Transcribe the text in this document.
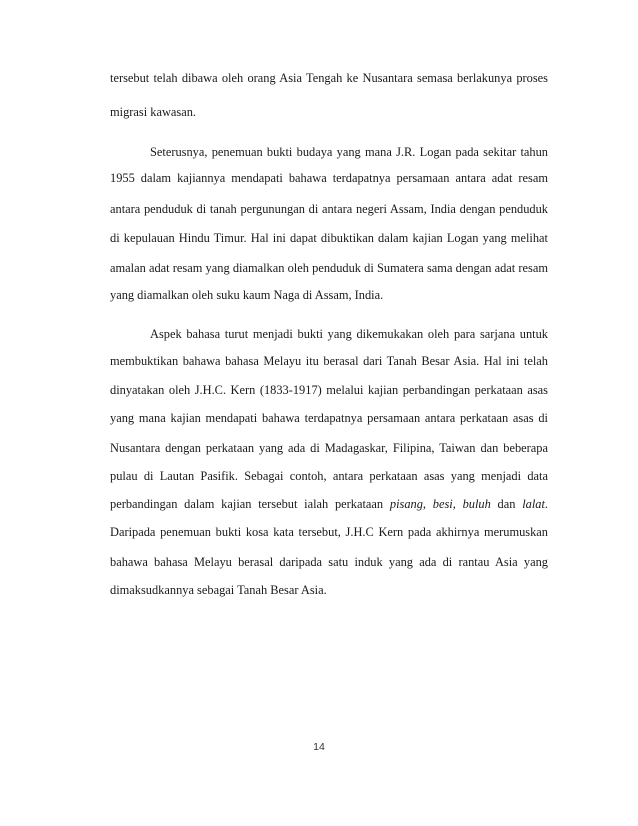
tersebut telah dibawa oleh orang Asia Tengah ke Nusantara semasa berlakunya proses
migrasi kawasan.
Seterusnya, penemuan bukti budaya yang mana J.R. Logan pada sekitar tahun
1955 dalam kajiannya mendapati bahawa terdapatnya persamaan antara adat resam
antara penduduk di tanah pergunungan di antara negeri Assam, India dengan penduduk
di kepulauan Hindu Timur. Hal ini dapat dibuktikan dalam kajian Logan yang melihat
amalan adat resam yang diamalkan oleh penduduk di Sumatera sama dengan adat resam
yang diamalkan oleh suku kaum Naga di Assam, India.
Aspek bahasa turut menjadi bukti yang dikemukakan oleh para sarjana untuk
membuktikan bahawa bahasa Melayu itu berasal dari Tanah Besar Asia. Hal ini telah
dinyatakan oleh J.H.C. Kern (1833-1917) melalui kajian perbandingan perkataan asas
yang mana kajian mendapati bahawa terdapatnya persamaan antara perkataan asas di
Nusantara dengan perkataan yang ada di Madagaskar, Filipina, Taiwan dan beberapa
pulau di Lautan Pasifik. Sebagai contoh, antara perkataan asas yang menjadi data
perbandingan dalam kajian tersebut ialah perkataan pisang, besi, buluh dan lalat.
Daripada penemuan bukti kosa kata tersebut, J.H.C Kern pada akhirnya merumuskan
bahawa bahasa Melayu berasal daripada satu induk yang ada di rantau Asia yang
dimaksudkannya sebagai Tanah Besar Asia.
14
